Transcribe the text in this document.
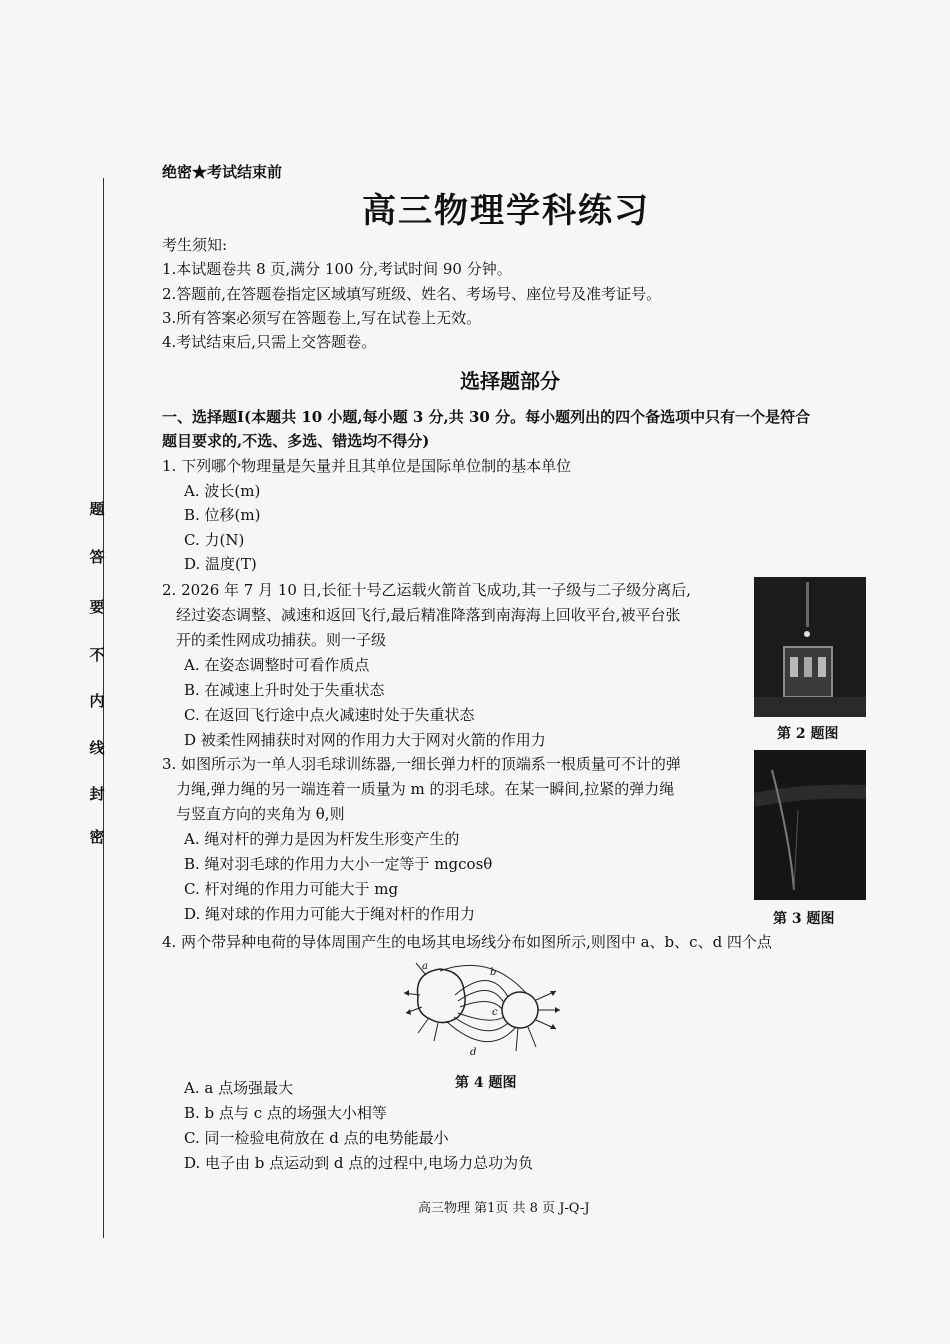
密
封
线
内
不
要
答
题
绝密★考试结束前
高三物理学科练习
考生须知:
1.本试题卷共 8 页,满分 100 分,考试时间 90 分钟。
2.答题前,在答题卷指定区域填写班级、姓名、考场号、座位号及准考证号。
3.所有答案必须写在答题卷上,写在试卷上无效。
4.考试结束后,只需上交答题卷。
选择题部分
一、选择题I(本题共 10 小题,每小题 3 分,共 30 分。每小题列出的四个备选项中只有一个是符合
题目要求的,不选、多选、错选均不得分)
1. 下列哪个物理量是矢量并且其单位是国际单位制的基本单位
A. 波长(m)
B. 位移(m)
C. 力(N)
D. 温度(T)
2. 2026 年 7 月 10 日,长征十号乙运载火箭首飞成功,其一子级与二子级分离后,
经过姿态调整、减速和返回飞行,最后精准降落到南海海上回收平台,被平台张
开的柔性网成功捕获。则一子级
A. 在姿态调整时可看作质点
B. 在减速上升时处于失重状态
C. 在返回飞行途中点火减速时处于失重状态
D 被柔性网捕获时对网的作用力大于网对火箭的作用力	第 2 题图
3. 如图所示为一单人羽毛球训练器,一细长弹力杆的顶端系一根质量可不计的弹
力绳,弹力绳的另一端连着一质量为 m 的羽毛球。在某一瞬间,拉紧的弹力绳
与竖直方向的夹角为 θ,则
A. 绳对杆的弹力是因为杆发生形变产生的
B. 绳对羽毛球的作用力大小一定等于 mgcosθ
C. 杆对绳的作用力可能大于 mg
D. 绳对球的作用力可能大于绳对杆的作用力	第 3 题图
4. 两个带异种电荷的导体周围产生的电场其电场线分布如图所示,则图中 a、b、c、d 四个点
a
b
c
d
第 4 题图
A. a 点场强最大
B. b 点与 c 点的场强大小相等
C. 同一检验电荷放在 d 点的电势能最小
D. 电子由 b 点运动到 d 点的过程中,电场力总功为负
高三物理 第1页 共 8 页 J-Q-J
